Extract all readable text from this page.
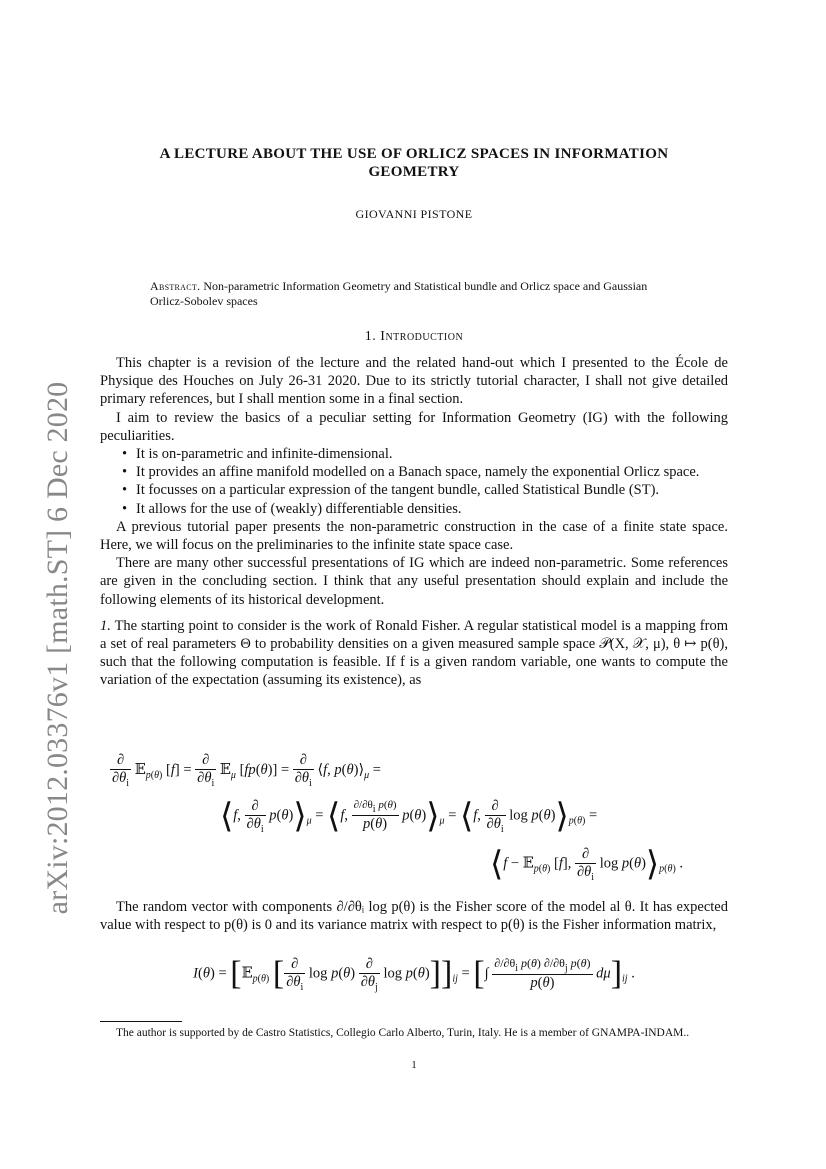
arXiv:2012.03376v1 [math.ST] 6 Dec 2020
A LECTURE ABOUT THE USE OF ORLICZ SPACES IN INFORMATION
GEOMETRY
GIOVANNI PISTONE
Abstract. Non-parametric Information Geometry and Statistical bundle and Orlicz space and Gaussian Orlicz-Sobolev spaces
1. Introduction

This chapter is a revision of the lecture and the related hand-out which I presented to the École de Physique des Houches on July 26-31 2020. Due to its strictly tutorial character, I shall not give detailed primary references, but I shall mention some in a final section.

I aim to review the basics of a peculiar setting for Information Geometry (IG) with the following peculiarities.

• It is on-parametric and infinite-dimensional.
• It provides an affine manifold modelled on a Banach space, namely the exponential Orlicz space.
• It focusses on a particular expression of the tangent bundle, called Statistical Bundle (ST).
• It allows for the use of (weakly) differentiable densities.

A previous tutorial paper presents the non-parametric construction in the case of a finite state space. Here, we will focus on the preliminaries to the infinite state space case.

There are many other successful presentations of IG which are indeed non-parametric. Some references are given in the concluding section. I think that any useful presentation should explain and include the following elements of its historical development.

1. The starting point to consider is the work of Ronald Fisher. A regular statistical model is a mapping from a set of real parameters Θ to probability densities on a given measured sample space 𝒫(X, 𝒳, μ), θ ↦ p(θ), such that the following computation is feasible. If f is a given random variable, one wants to compute the variation of the expectation (assuming its existence), as

$\frac{\partial}{\partial\theta_i}$ 𝔼$_{p(\theta)}$ $[f] = \frac{\partial}{\partial\theta_i}$ 𝔼$_\mu$ $[fp(\theta)] = \frac{\partial}{\partial\theta_i}$ ⟨f, $p(\theta)⟩_\mu$ =
⟨f, $\frac{\partial}{\partial\theta_i}$ $p(\theta)⟩_\mu$ = ⟨f, $\frac{\text{∂/∂θi p(θ)}}{p(\theta)}$ $p(\theta)⟩_\mu$ = ⟨f, $\frac{\partial}{\partial\theta_i}$ $\log p(\theta)⟩_{p(\theta)}$ =
⟨f − 𝔼$_{p(\theta)}$ [f], $\frac{\partial}{\partial\theta_i}$ $\log p(\theta)⟩_{p(\theta)}$ .

The random vector with components ∂/∂θᵢ log p(θ) is the Fisher score of the model al θ. It has expected value with respect to p(θ) is 0 and its variance matrix with respect to p(θ) is the Fisher information matrix,

I(θ) = [𝔼$_{p(\theta)}$ [ $\frac{\partial}{\partial\theta_i}$ $\log p(\theta) \frac{\partial}{\partial\theta_j}$ $\log p(\theta)]]_{ij}$ = [∫ $\frac{\partial/\partial\theta_i p(\theta) \partial/\partial\theta_j p(\theta)}{p(\theta)} d\mu]_{ij}$ .
The author is supported by de Castro Statistics, Collegio Carlo Alberto, Turin, Italy. He is a member of GNAMPA-INDAM..
1
